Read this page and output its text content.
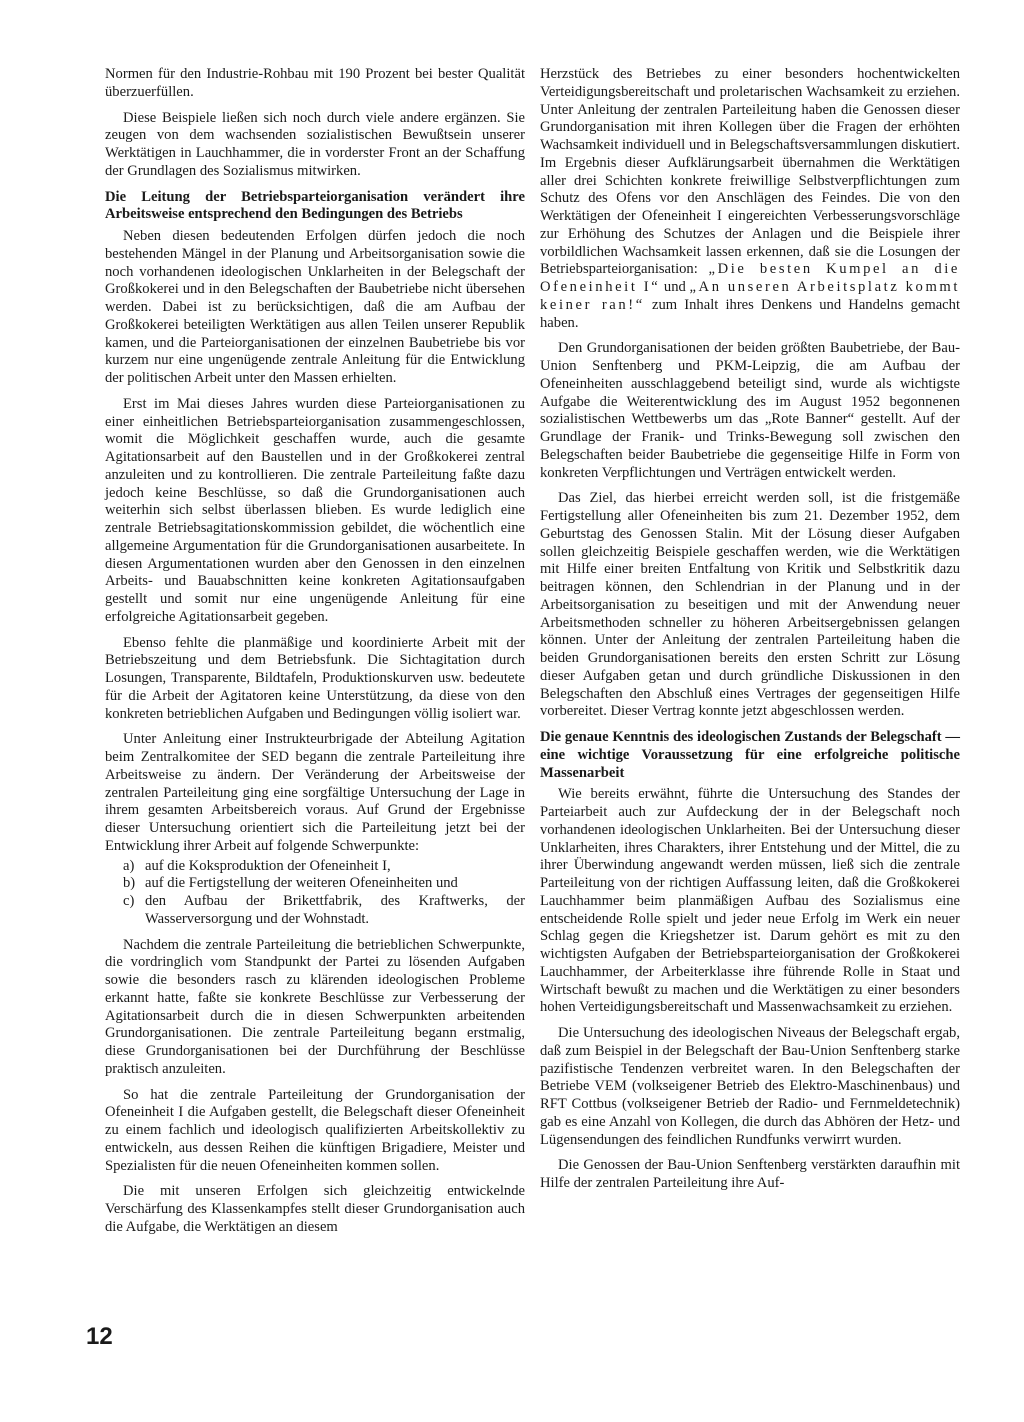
Normen für den Industrie-Rohbau mit 190 Prozent bei bester Qualität überzuerfüllen.

Diese Beispiele ließen sich noch durch viele andere ergänzen. Sie zeugen von dem wachsenden sozialistischen Bewußtsein unserer Werktätigen in Lauchhammer, die in vorderster Front an der Schaffung der Grundlagen des Sozialismus mitwirken.

Die Leitung der Betriebsparteiorganisation verändert ihre Arbeitsweise entsprechend den Bedingungen des Betriebs

Neben diesen bedeutenden Erfolgen dürfen jedoch die noch bestehenden Mängel in der Planung und Arbeitsorganisation sowie die noch vorhandenen ideologischen Unklarheiten in der Belegschaft der Großkokerei und in den Belegschaften der Baubetriebe nicht übersehen werden. Dabei ist zu berücksichtigen, daß die am Aufbau der Großkokerei beteiligten Werktätigen aus allen Teilen unserer Republik kamen, und die Parteiorganisationen der einzelnen Baubetriebe bis vor kurzem nur eine ungenügende zentrale Anleitung für die Entwicklung der politischen Arbeit unter den Massen erhielten.

Erst im Mai dieses Jahres wurden diese Parteiorganisationen zu einer einheitlichen Betriebsparteiorganisation zusammengeschlossen, womit die Möglichkeit geschaffen wurde, auch die gesamte Agitationsarbeit auf den Baustellen und in der Großkokerei zentral anzuleiten und zu kontrollieren. Die zentrale Parteileitung faßte dazu jedoch keine Beschlüsse, so daß die Grundorganisationen auch weiterhin sich selbst überlassen blieben. Es wurde lediglich eine zentrale Betriebsagitationskommission gebildet, die wöchentlich eine allgemeine Argumentation für die Grundorganisationen ausarbeitete. In diesen Argumentationen wurden aber den Genossen in den einzelnen Arbeits- und Bauabschnitten keine konkreten Agitationsaufgaben gestellt und somit nur eine ungenügende Anleitung für eine erfolgreiche Agitationsarbeit gegeben.

Ebenso fehlte die planmäßige und koordinierte Arbeit mit der Betriebszeitung und dem Betriebsfunk. Die Sichtagitation durch Losungen, Transparente, Bildtafeln, Produktionskurven usw. bedeutete für die Arbeit der Agitatoren keine Unterstützung, da diese von den konkreten betrieblichen Aufgaben und Bedingungen völlig isoliert war.

Unter Anleitung einer Instrukteurbrigade der Abteilung Agitation beim Zentralkomitee der SED begann die zentrale Parteileitung ihre Arbeitsweise zu ändern. Der Veränderung der Arbeitsweise der zentralen Parteileitung ging eine sorgfältige Untersuchung der Lage in ihrem gesamten Arbeitsbereich voraus. Auf Grund der Ergebnisse dieser Untersuchung orientiert sich die Parteileitung jetzt bei der Entwicklung ihrer Arbeit auf folgende Schwerpunkte:

a) auf die Koksproduktion der Ofeneinheit I,
b) auf die Fertigstellung der weiteren Ofeneinheiten und
c) den Aufbau der Brikettfabrik, des Kraftwerks, der Wasserversorgung und der Wohnstadt.

Nachdem die zentrale Parteileitung die betrieblichen Schwerpunkte, die vordringlich vom Standpunkt der Partei zu lösenden Aufgaben sowie die besonders rasch zu klärenden ideologischen Probleme erkannt hatte, faßte sie konkrete Beschlüsse zur Verbesserung der Agitationsarbeit durch die in diesen Schwerpunkten arbeitenden Grundorganisationen. Die zentrale Parteileitung begann erstmalig, diese Grundorganisationen bei der Durchführung der Beschlüsse praktisch anzuleiten.

So hat die zentrale Parteileitung der Grundorganisation der Ofeneinheit I die Aufgaben gestellt, die Belegschaft dieser Ofeneinheit zu einem fachlich und ideologisch qualifizierten Arbeitskollektiv zu entwickeln, aus dessen Reihen die künftigen Brigadiere, Meister und Spezialisten für die neuen Ofeneinheiten kommen sollen.

Die mit unseren Erfolgen sich gleichzeitig entwickelnde Verschärfung des Klassenkampfes stellt dieser Grundorganisation auch die Aufgabe, die Werktätigen an diesem

Herzstück des Betriebes zu einer besonders hochentwickelten Verteidigungsbereitschaft und proletarischen Wachsamkeit zu erziehen. Unter Anleitung der zentralen Parteileitung haben die Genossen dieser Grundorganisation mit ihren Kollegen über die Fragen der erhöhten Wachsamkeit individuell und in Belegschaftsversammlungen diskutiert. Im Ergebnis dieser Aufklärungsarbeit übernahmen die Werktätigen aller drei Schichten konkrete freiwillige Selbstverpflichtungen zum Schutz des Ofens vor den Anschlägen des Feindes. Die von den Werktätigen der Ofeneinheit I eingereichten Verbesserungsvorschläge zur Erhöhung des Schutzes der Anlagen und die Beispiele ihrer vorbildlichen Wachsamkeit lassen erkennen, daß sie die Losungen der Betriebsparteiorganisation: „Die besten Kumpel an die Ofeneinheit I“ und „An unseren Arbeitsplatz kommt keiner ran!“ zum Inhalt ihres Denkens und Handelns gemacht haben.

Den Grundorganisationen der beiden größten Baubetriebe, der Bau-Union Senftenberg und PKM-Leipzig, die am Aufbau der Ofeneinheiten ausschlaggebend beteiligt sind, wurde als wichtigste Aufgabe die Weiterentwicklung des im August 1952 begonnenen sozialistischen Wettbewerbs um das „Rote Banner“ gestellt. Auf der Grundlage der Franik- und Trinks-Bewegung soll zwischen den Belegschaften beider Baubetriebe die gegenseitige Hilfe in Form von konkreten Verpflichtungen und Verträgen entwickelt werden.

Das Ziel, das hierbei erreicht werden soll, ist die fristgemäße Fertigstellung aller Ofeneinheiten bis zum 21. Dezember 1952, dem Geburtstag des Genossen Stalin. Mit der Lösung dieser Aufgaben sollen gleichzeitig Beispiele geschaffen werden, wie die Werktätigen mit Hilfe einer breiten Entfaltung von Kritik und Selbstkritik dazu beitragen können, den Schlendrian in der Planung und in der Arbeitsorganisation zu beseitigen und mit der Anwendung neuer Arbeitsmethoden schneller zu höheren Arbeitsergebnissen gelangen können. Unter der Anleitung der zentralen Parteileitung haben die beiden Grundorganisationen bereits den ersten Schritt zur Lösung dieser Aufgaben getan und durch gründliche Diskussionen in den Belegschaften den Abschluß eines Vertrages der gegenseitigen Hilfe vorbereitet. Dieser Vertrag konnte jetzt abgeschlossen werden.

Die genaue Kenntnis des ideologischen Zustands der Belegschaft — eine wichtige Voraussetzung für eine erfolgreiche politische Massenarbeit

Wie bereits erwähnt, führte die Untersuchung des Standes der Parteiarbeit auch zur Aufdeckung der in der Belegschaft noch vorhandenen ideologischen Unklarheiten. Bei der Untersuchung dieser Unklarheiten, ihres Charakters, ihrer Entstehung und der Mittel, die zu ihrer Überwindung angewandt werden müssen, ließ sich die zentrale Parteileitung von der richtigen Auffassung leiten, daß die Großkokerei Lauchhammer beim planmäßigen Aufbau des Sozialismus eine entscheidende Rolle spielt und jeder neue Erfolg im Werk ein neuer Schlag gegen die Kriegshetzer ist. Darum gehört es mit zu den wichtigsten Aufgaben der Betriebsparteiorganisation der Großkokerei Lauchhammer, der Arbeiterklasse ihre führende Rolle in Staat und Wirtschaft bewußt zu machen und die Werktätigen zu einer besonders hohen Verteidigungsbereitschaft und Massenwachsamkeit zu erziehen.

Die Untersuchung des ideologischen Niveaus der Belegschaft ergab, daß zum Beispiel in der Belegschaft der Bau-Union Senftenberg starke pazifistische Tendenzen verbreitet waren. In den Belegschaften der Betriebe VEM (volkseigener Betrieb des Elektro-Maschinenbaus) und RFT Cottbus (volkseigener Betrieb der Radio- und Fernmeldetechnik) gab es eine Anzahl von Kollegen, die durch das Abhören der Hetz- und Lügensendungen des feindlichen Rundfunks verwirrt wurden.

Die Genossen der Bau-Union Senftenberg verstärkten daraufhin mit Hilfe der zentralen Parteileitung ihre Auf-

12
